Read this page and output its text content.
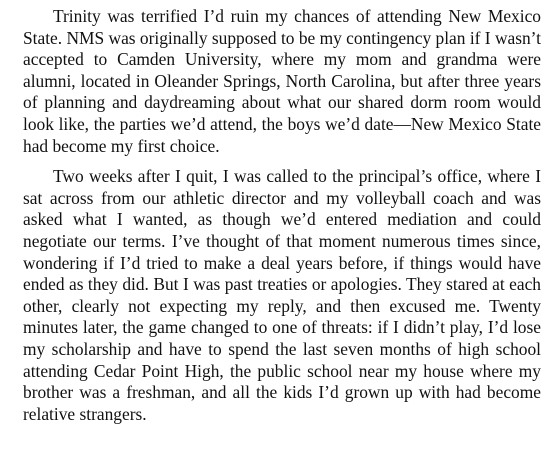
Trinity was terrified I’d ruin my chances of attending New Mexico State. NMS was originally supposed to be my contingency plan if I wasn’t accepted to Camden University, where my mom and grandma were alumni, located in Oleander Springs, North Carolina, but after three years of planning and daydreaming about what our shared dorm room would look like, the parties we’d attend, the boys we’d date—New Mexico State had become my first choice.

Two weeks after I quit, I was called to the principal’s office, where I sat across from our athletic director and my volleyball coach and was asked what I wanted, as though we’d entered mediation and could negotiate our terms. I’ve thought of that moment numerous times since, wondering if I’d tried to make a deal years before, if things would have ended as they did. But I was past treaties or apologies. They stared at each other, clearly not expecting my reply, and then excused me. Twenty minutes later, the game changed to one of threats: if I didn’t play, I’d lose my scholarship and have to spend the last seven months of high school attending Cedar Point High, the public school near my house where my brother was a freshman, and all the kids I’d grown up with had become relative strangers.
